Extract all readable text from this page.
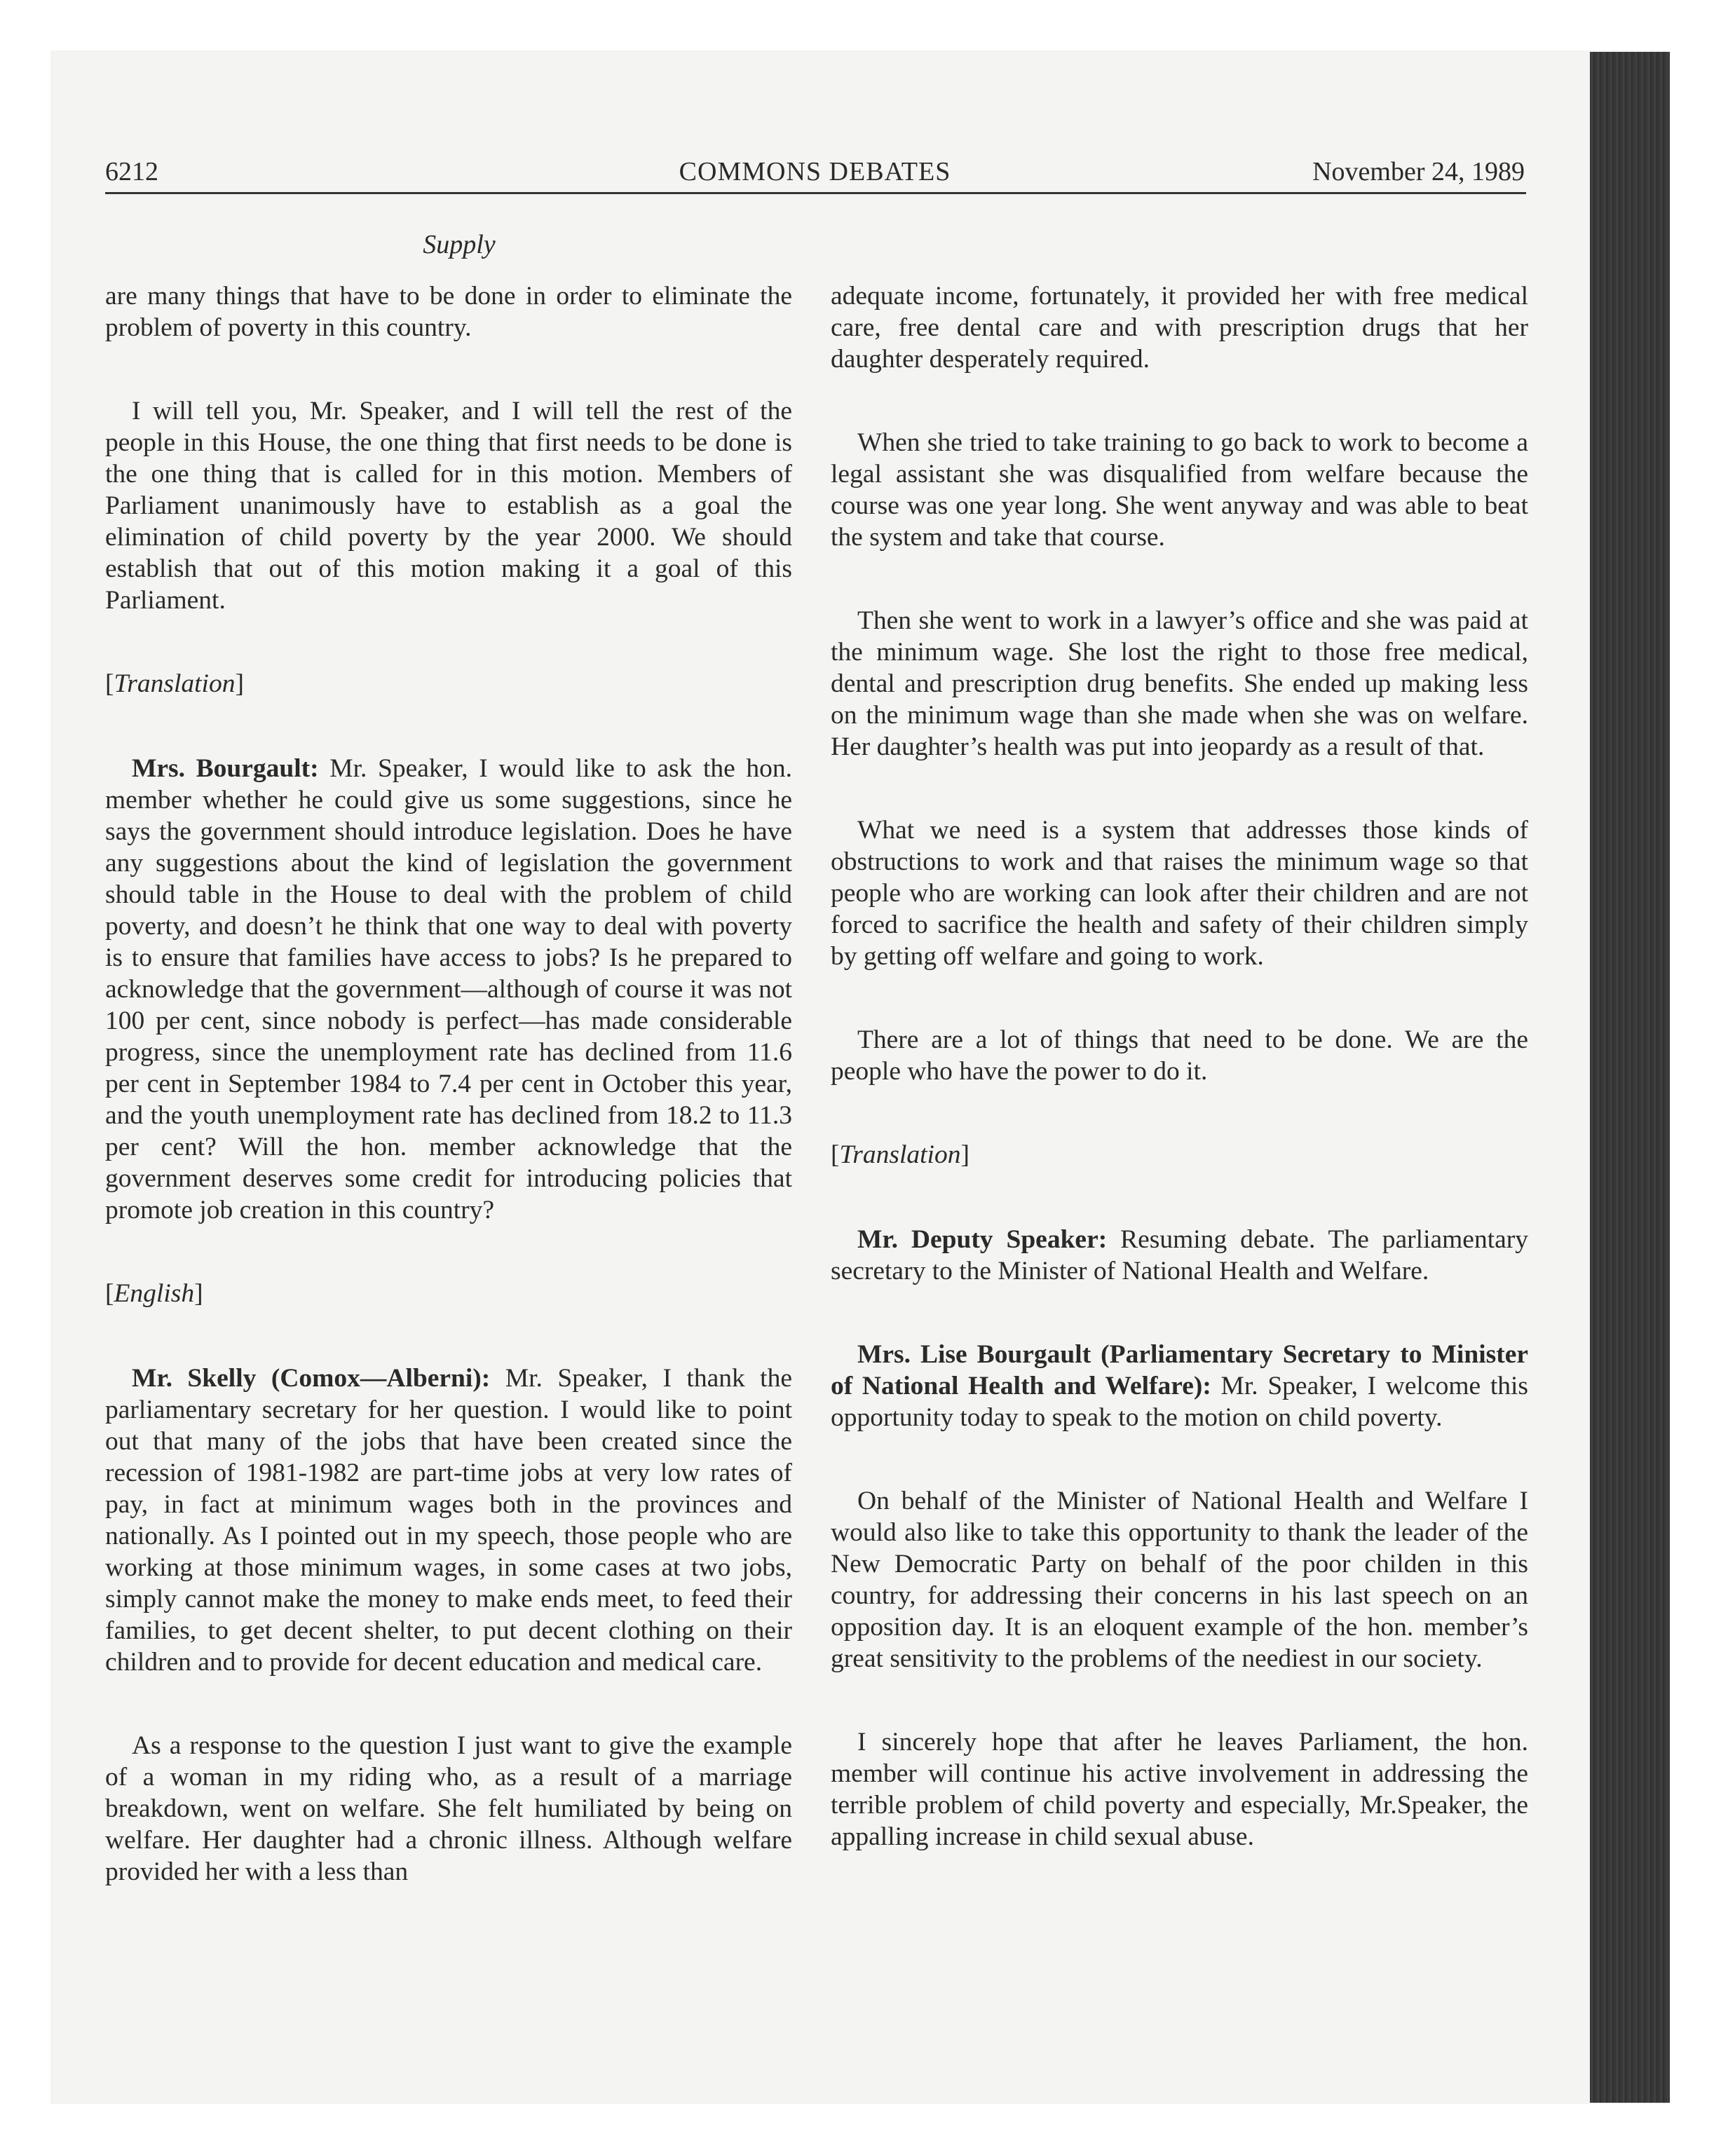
6212	COMMONS DEBATES	November 24, 1989
Supply

are many things that have to be done in order to eliminate the problem of poverty in this country.

I will tell you, Mr. Speaker, and I will tell the rest of the people in this House, the one thing that first needs to be done is the one thing that is called for in this motion. Members of Parliament unanimously have to establish as a goal the elimination of child poverty by the year 2000. We should establish that out of this motion making it a goal of this Parliament.

[Translation]

Mrs. Bourgault: Mr. Speaker, I would like to ask the hon. member whether he could give us some suggestions, since he says the government should introduce legislation. Does he have any suggestions about the kind of legislation the government should table in the House to deal with the problem of child poverty, and doesn’t he think that one way to deal with poverty is to ensure that families have access to jobs? Is he prepared to acknowledge that the government—although of course it was not 100 per cent, since nobody is perfect—has made considerable progress, since the unemployment rate has declined from 11.6 per cent in September 1984 to 7.4 per cent in October this year, and the youth unemployment rate has declined from 18.2 to 11.3 per cent? Will the hon. member acknowledge that the government deserves some credit for introducing policies that promote job creation in this country?

[English]

Mr. Skelly (Comox—Alberni): Mr. Speaker, I thank the parliamentary secretary for her question. I would like to point out that many of the jobs that have been created since the recession of 1981-1982 are part-time jobs at very low rates of pay, in fact at minimum wages both in the provinces and nationally. As I pointed out in my speech, those people who are working at those minimum wages, in some cases at two jobs, simply cannot make the money to make ends meet, to feed their families, to get decent shelter, to put decent clothing on their children and to provide for decent education and medical care.

As a response to the question I just want to give the example of a woman in my riding who, as a result of a marriage breakdown, went on welfare. She felt humiliated by being on welfare. Her daughter had a chronic illness. Although welfare provided her with a less than

adequate income, fortunately, it provided her with free medical care, free dental care and with prescription drugs that her daughter desperately required.

When she tried to take training to go back to work to become a legal assistant she was disqualified from welfare because the course was one year long. She went anyway and was able to beat the system and take that course.

Then she went to work in a lawyer’s office and she was paid at the minimum wage. She lost the right to those free medical, dental and prescription drug benefits. She ended up making less on the minimum wage than she made when she was on welfare. Her daughter’s health was put into jeopardy as a result of that.

What we need is a system that addresses those kinds of obstructions to work and that raises the minimum wage so that people who are working can look after their children and are not forced to sacrifice the health and safety of their children simply by getting off welfare and going to work.

There are a lot of things that need to be done. We are the people who have the power to do it.

[Translation]

Mr. Deputy Speaker: Resuming debate. The parliamentary secretary to the Minister of National Health and Welfare.

Mrs. Lise Bourgault (Parliamentary Secretary to Minister of National Health and Welfare): Mr. Speaker, I welcome this opportunity today to speak to the motion on child poverty.

On behalf of the Minister of National Health and Welfare I would also like to take this opportunity to thank the leader of the New Democratic Party on behalf of the poor childen in this country, for addressing their concerns in his last speech on an opposition day. It is an eloquent example of the hon. member’s great sensitivity to the problems of the neediest in our society.

I sincerely hope that after he leaves Parliament, the hon. member will continue his active involvement in addressing the terrible problem of child poverty and especially, Mr.Speaker, the appalling increase in child sexual abuse.
